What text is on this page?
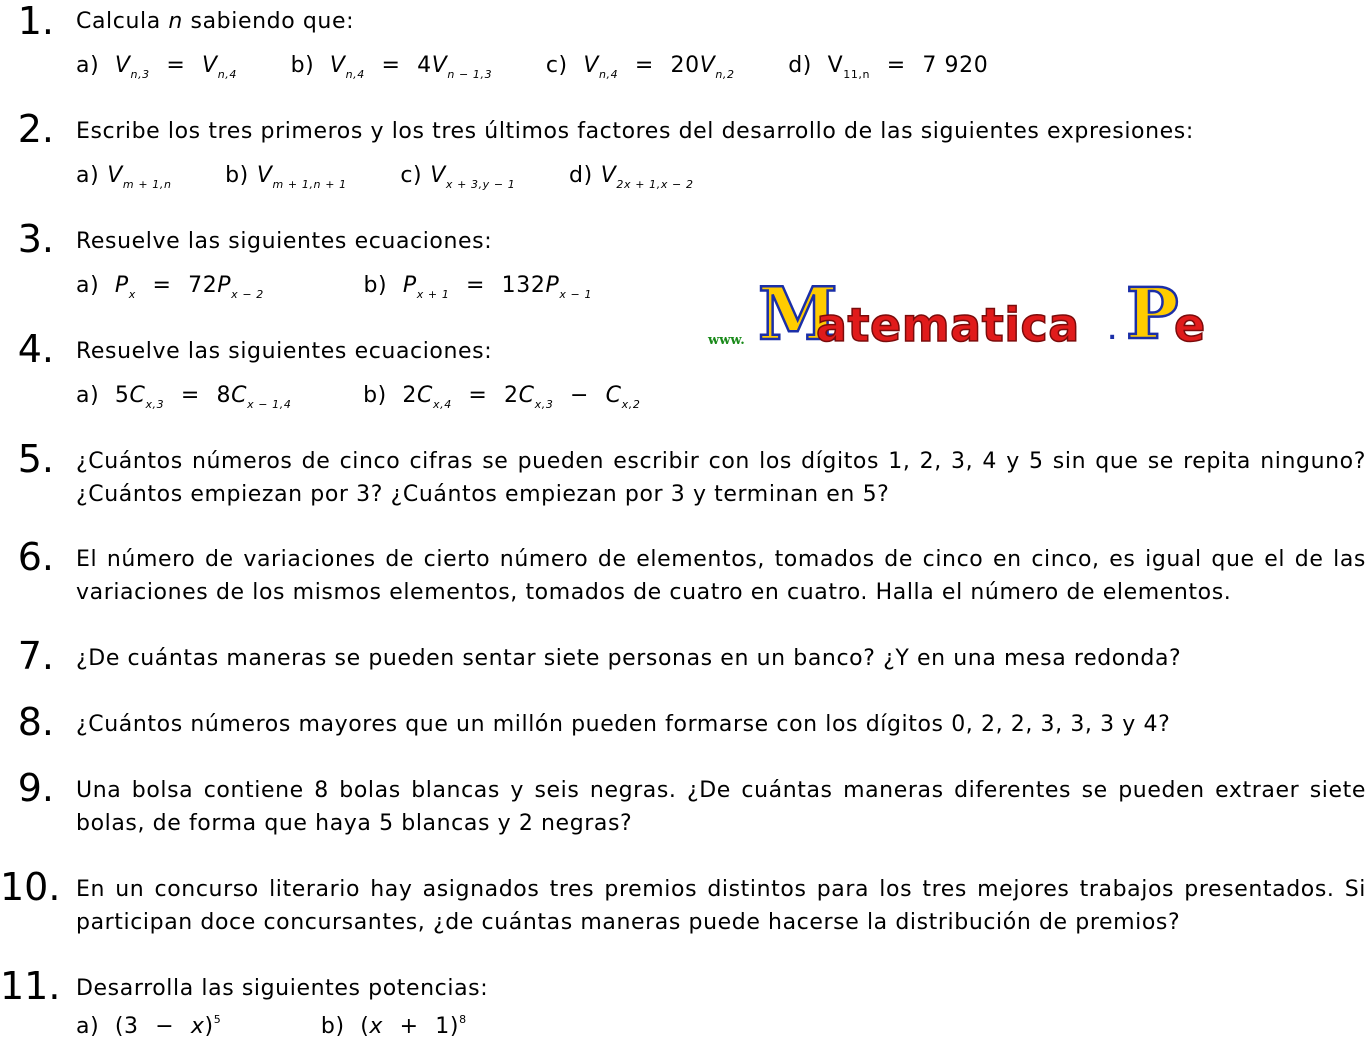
www. M
atematica . P
e
1. Calcula n sabiendo que:
a) $V_{n,3} = V_{n,4}$ b) $V_{n,4} = 4V_{n - 1,3}$ c) $V_{n,4} = 20V_{n,2}$ d) $V_{11,n} = 7$ 920
2. Escribe los tres primeros y los tres últimos factores del desarrollo de las siguientes expresiones:
a) $V_{m + 1,n}$ b) $V_{m + 1,n + 1}$ c) $V_{x + 3,y - 1}$ d) $V_{2x + 1,x - 2}$
3. Resuelve las siguientes ecuaciones:
a) $P_x = 72P_{x - 2}$	b) $P_{x + 1} = 132P_{x - 1}$
4. Resuelve las siguientes ecuaciones:
a) $5C_{x,3} = 8C_{x - 1,4}$	b) $2C_{x,4} = 2C_{x,3} - C_{x,2}$
5. ¿Cuántos números de cinco cifras se pueden escribir con los dígitos 1, 2, 3, 4 y 5 sin que se repita ninguno? ¿Cuántos empiezan por 3? ¿Cuántos empiezan por 3 y terminan en 5?
6. El número de variaciones de cierto número de elementos, tomados de cinco en cinco, es igual que el de las variaciones de los mismos elementos, tomados de cuatro en cuatro. Halla el número de elementos.
7. ¿De cuántas maneras se pueden sentar siete personas en un banco? ¿Y en una mesa redonda?
8. ¿Cuántos números mayores que un millón pueden formarse con los dígitos 0, 2, 2, 3, 3, 3 y 4?
9. Una bolsa contiene 8 bolas blancas y seis negras. ¿De cuántas maneras diferentes se pueden extraer siete bolas, de forma que haya 5 blancas y 2 negras?
10. En un concurso literario hay asignados tres premios distintos para los tres mejores trabajos presentados. Si participan doce concursantes, ¿de cuántas maneras puede hacerse la distribución de premios?
11. Desarrolla las siguientes potencias:
a) $(3 - x)^5$	b) $(x + 1)^8$
